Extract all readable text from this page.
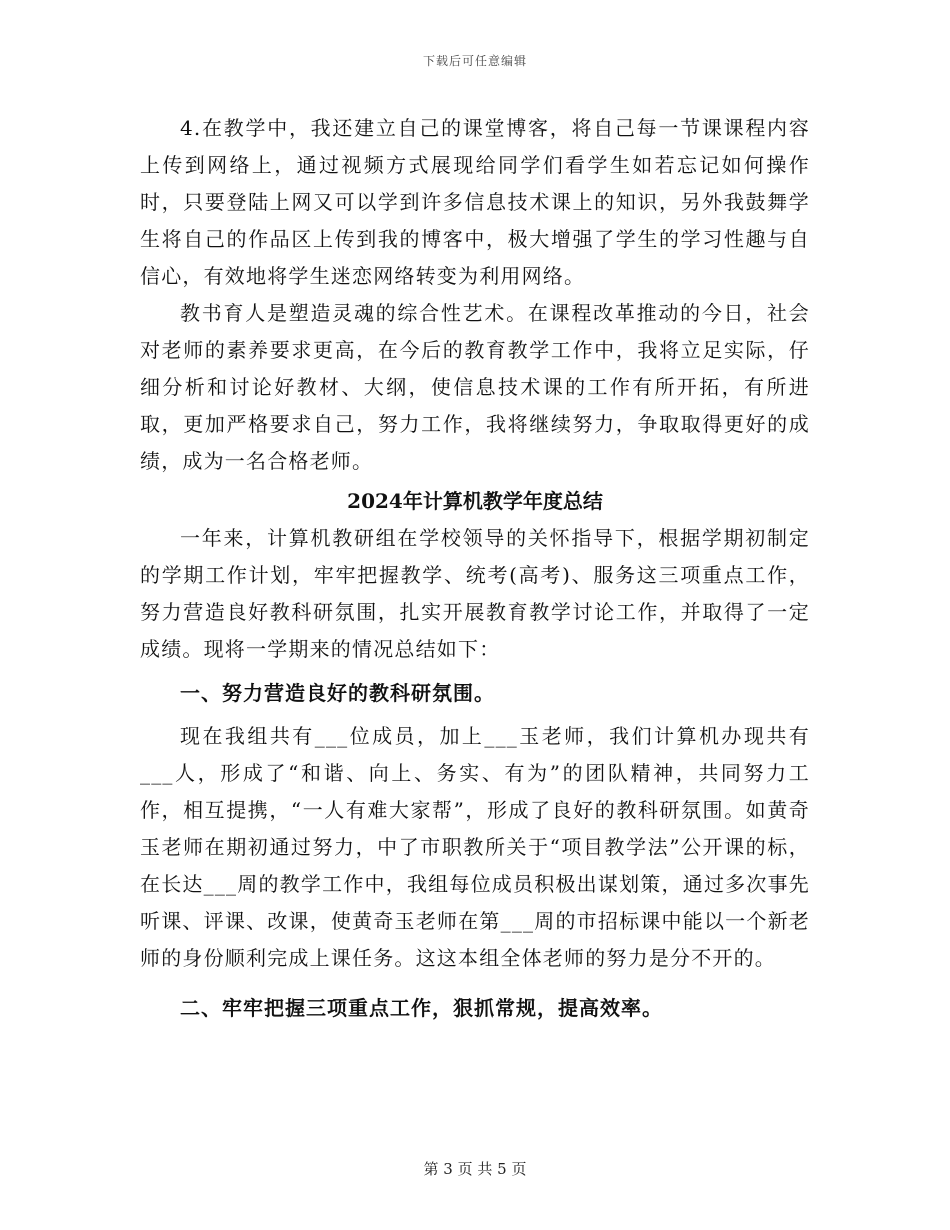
下载后可任意编辑

4.在教学中，我还建立自己的课堂博客，将自己每一节课课程内容上传到网络上，通过视频方式展现给同学们看学生如若忘记如何操作时，只要登陆上网又可以学到许多信息技术课上的知识，另外我鼓舞学生将自己的作品区上传到我的博客中，极大增强了学生的学习性趣与自信心，有效地将学生迷恋网络转变为利用网络。

教书育人是塑造灵魂的综合性艺术。在课程改革推动的今日，社会对老师的素养要求更高，在今后的教育教学工作中，我将立足实际，仔细分析和讨论好教材、大纲，使信息技术课的工作有所开拓，有所进取，更加严格要求自己，努力工作，我将继续努力，争取取得更好的成绩，成为一名合格老师。

2024年计算机教学年度总结

一年来，计算机教研组在学校领导的关怀指导下，根据学期初制定的学期工作计划，牢牢把握教学、统考(高考)、服务这三项重点工作，努力营造良好教科研氛围，扎实开展教育教学讨论工作，并取得了一定成绩。现将一学期来的情况总结如下：

一、努力营造良好的教科研氛围。

现在我组共有___位成员，加上___玉老师，我们计算机办现共有___人，形成了“和谐、向上、务实、有为”的团队精神，共同努力工作，相互提携，“一人有难大家帮”，形成了良好的教科研氛围。如黄奇玉老师在期初通过努力，中了市职教所关于“项目教学法”公开课的标，在长达___周的教学工作中，我组每位成员积极出谋划策，通过多次事先听课、评课、改课，使黄奇玉老师在第___周的市招标课中能以一个新老师的身份顺利完成上课任务。这这本组全体老师的努力是分不开的。

二、牢牢把握三项重点工作，狠抓常规，提高效率。
第 3 页 共 5 页
